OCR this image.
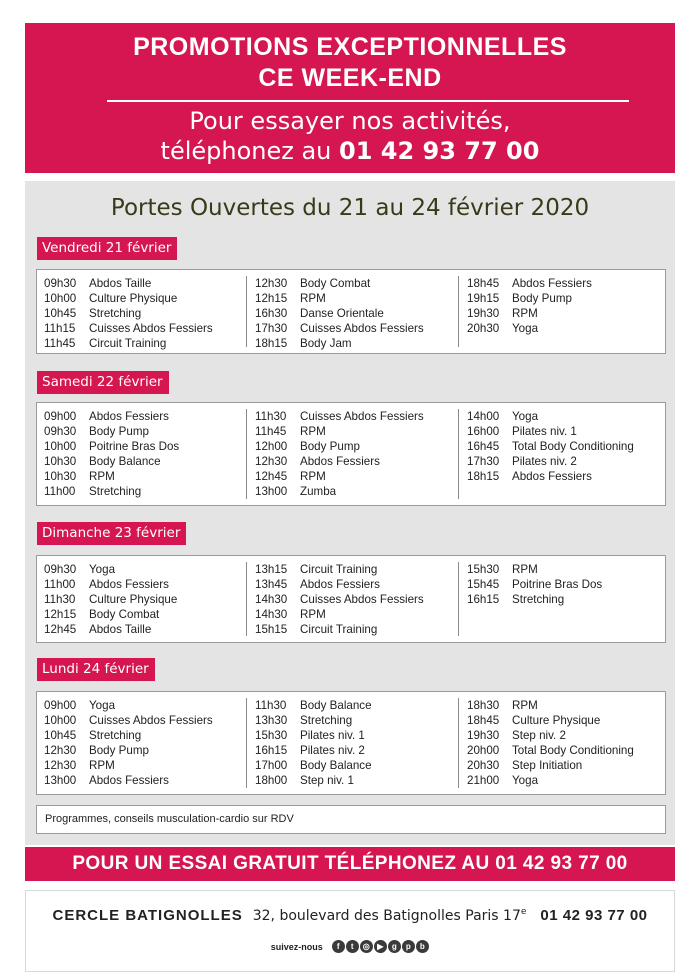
PROMOTIONS EXCEPTIONNELLES
CE WEEK-END
Pour essayer nos activités,
téléphonez au 01 42 93 77 00
Portes Ouvertes du 21 au 24 février 2020
Vendredi 21 février
09h30 Abdos Taille
10h00 Culture Physique
10h45 Stretching
11h15 Cuisses Abdos Fessiers
11h45 Circuit Training
12h30 Body Combat
12h15 RPM
16h30 Danse Orientale
17h30 Cuisses Abdos Fessiers
18h15 Body Jam
18h45 Abdos Fessiers
19h15 Body Pump
19h30 RPM
20h30 Yoga
Samedi 22 février
09h00 Abdos Fessiers
09h30 Body Pump
10h00 Poitrine Bras Dos
10h30 Body Balance
10h30 RPM
11h00 Stretching
11h30 Cuisses Abdos Fessiers
11h45 RPM
12h00 Body Pump
12h30 Abdos Fessiers
12h45 RPM
13h00 Zumba
14h00 Yoga
16h00 Pilates niv. 1
16h45 Total Body Conditioning
17h30 Pilates niv. 2
18h15 Abdos Fessiers
Dimanche 23 février
09h30 Yoga
11h00 Abdos Fessiers
11h30 Culture Physique
12h15 Body Combat
12h45 Abdos Taille
13h15 Circuit Training
13h45 Abdos Fessiers
14h30 Cuisses Abdos Fessiers
14h30 RPM
15h15 Circuit Training
15h30 RPM
15h45 Poitrine Bras Dos
16h15 Stretching
Lundi 24 février
09h00 Yoga
10h00 Cuisses Abdos Fessiers
10h45 Stretching
12h30 Body Pump
12h30 RPM
13h00 Abdos Fessiers
11h30 Body Balance
13h30 Stretching
15h30 Pilates niv. 1
16h15 Pilates niv. 2
17h00 Body Balance
18h00 Step niv. 1
18h30 RPM
18h45 Culture Physique
19h30 Step niv. 2
20h00 Total Body Conditioning
20h30 Step Initiation
21h00 Yoga
Programmes, conseils musculation-cardio sur RDV
POUR UN ESSAI GRATUIT TÉLÉPHONEZ AU 01 42 93 77 00
CERCLE BATIGNOLLES 32, boulevard des Batignolles Paris 17e 01 42 93 77 00
suivez-nous f t ◎ ▶ g p b
